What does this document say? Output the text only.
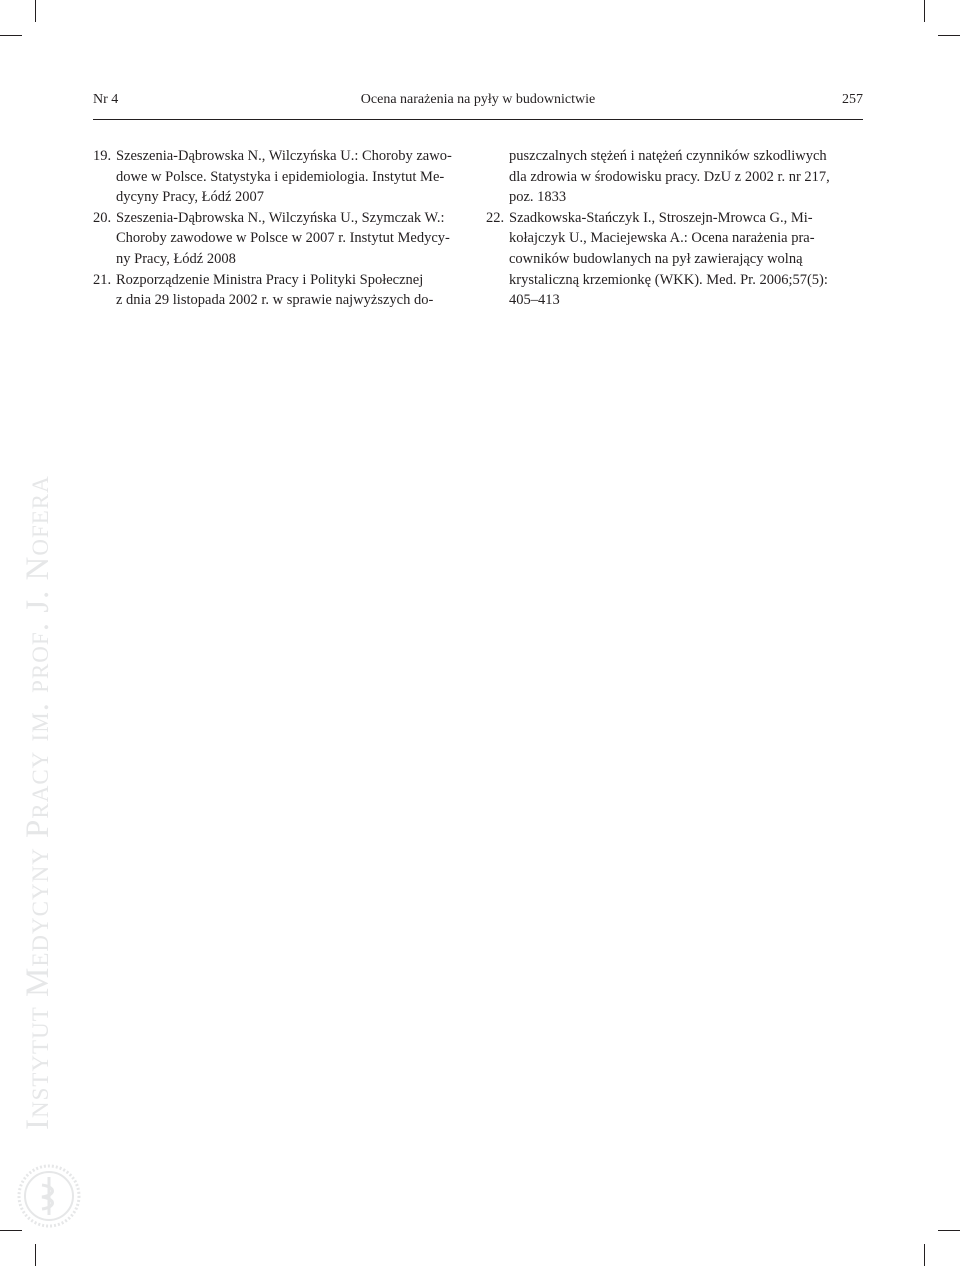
Nr 4	Ocena narażenia na pyły w budownictwie	257
19. Szeszenia-Dąbrowska N., Wilczyńska U.: Choroby zawo-
dowe w Polsce. Statystyka i epidemiologia. Instytut Me-
dycyny Pracy, Łódź 2007
20. Szeszenia-Dąbrowska N., Wilczyńska U., Szymczak W.:
Choroby zawodowe w Polsce w 2007 r. Instytut Medycy-
ny Pracy, Łódź 2008
21. Rozporządzenie Ministra Pracy i Polityki Społecznej
z dnia 29 listopada 2002 r. w sprawie najwyższych do-
puszczalnych stężeń i natężeń czynników szkodliwych
dla zdrowia w środowisku pracy. DzU z 2002 r. nr 217,
poz. 1833
22. Szadkowska-Stańczyk I., Stroszejn-Mrowca G., Mi-
kołajczyk U., Maciejewska A.: Ocena narażenia pra-
cowników budowlanych na pył zawierający wolną
krystaliczną krzemionkę (WKK). Med. Pr. 2006;57(5):
405–413
Instytut Medycyny Pracy im. prof. J. Nofera
